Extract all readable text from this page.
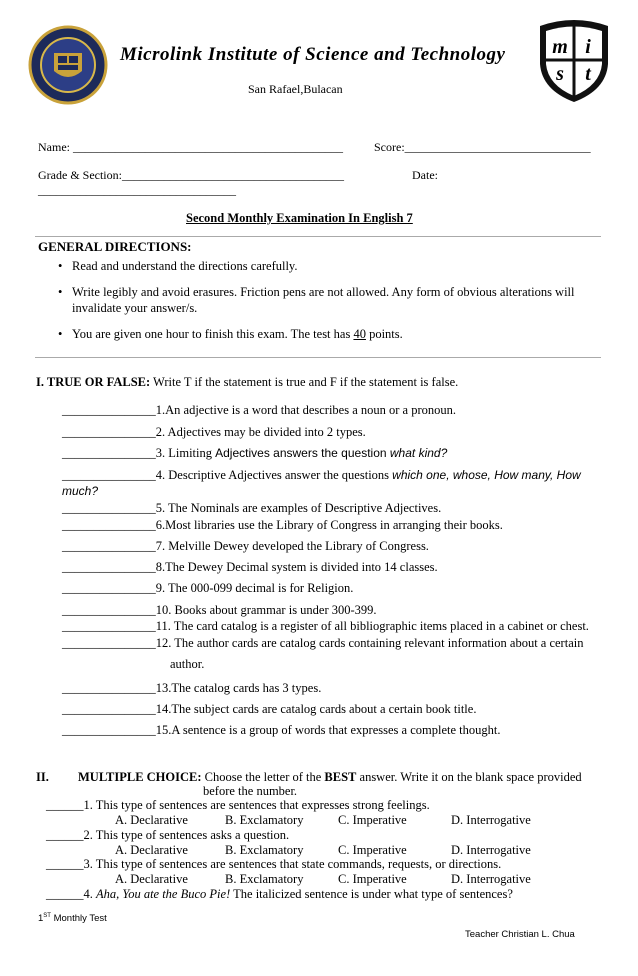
Microlink Institute of Science and Technology	m i
s t
San Rafael,Bulacan
Name: _____________________________________________	Score:_______________________________
Grade & Section:_____________________________________	Date:
_________________________________
Second Monthly Examination In English 7
GENERAL DIRECTIONS:
• Read and understand the directions carefully.
• Write legibly and avoid erasures. Friction pens are not allowed. Any form of obvious alterations will invalidate your answer/s.
• You are given one hour to finish this exam. The test has 40 points.
I. TRUE OR FALSE: Write T if the statement is true and F if the statement is false.
_______________1.An adjective is a word that describes a noun or a pronoun.
_______________2. Adjectives may be divided into 2 types.
_______________3. Limiting Adjectives answers the question what kind?
_______________4. Descriptive Adjectives answer the questions which one, whose, How many, How much?
_______________5. The Nominals are examples of Descriptive Adjectives.
_______________6.Most libraries use the Library of Congress in arranging their books.
_______________7. Melville Dewey developed the Library of Congress.
_______________8.The Dewey Decimal system is divided into 14 classes.
_______________9. The 000-099 decimal is for Religion.
_______________10. Books about grammar is under 300-399.
_______________11. The card catalog is a register of all bibliographic items placed in a cabinet or chest.
_______________12. The author cards are catalog cards containing relevant information about a certain
author.
_______________13.The catalog cards has 3 types.
_______________14.The subject cards are catalog cards about a certain book title.
_______________15.A sentence is a group of words that expresses a complete thought.
II. MULTIPLE CHOICE: Choose the letter of the BEST answer. Write it on the blank space provided
before the number.
______1. This type of sentences are sentences that expresses strong feelings.
A. Declarative	B. Exclamatory	C. Imperative	D. Interrogative
______2. This type of sentences asks a question.
A. Declarative	B. Exclamatory	C. Imperative	D. Interrogative
______3. This type of sentences are sentences that state commands, requests, or directions.
A. Declarative	B. Exclamatory	C. Imperative	D. Interrogative
______4. Aha, You ate the Buco Pie! The italicized sentence is under what type of sentences?
1ST Monthly Test
Teacher Christian L. Chua
